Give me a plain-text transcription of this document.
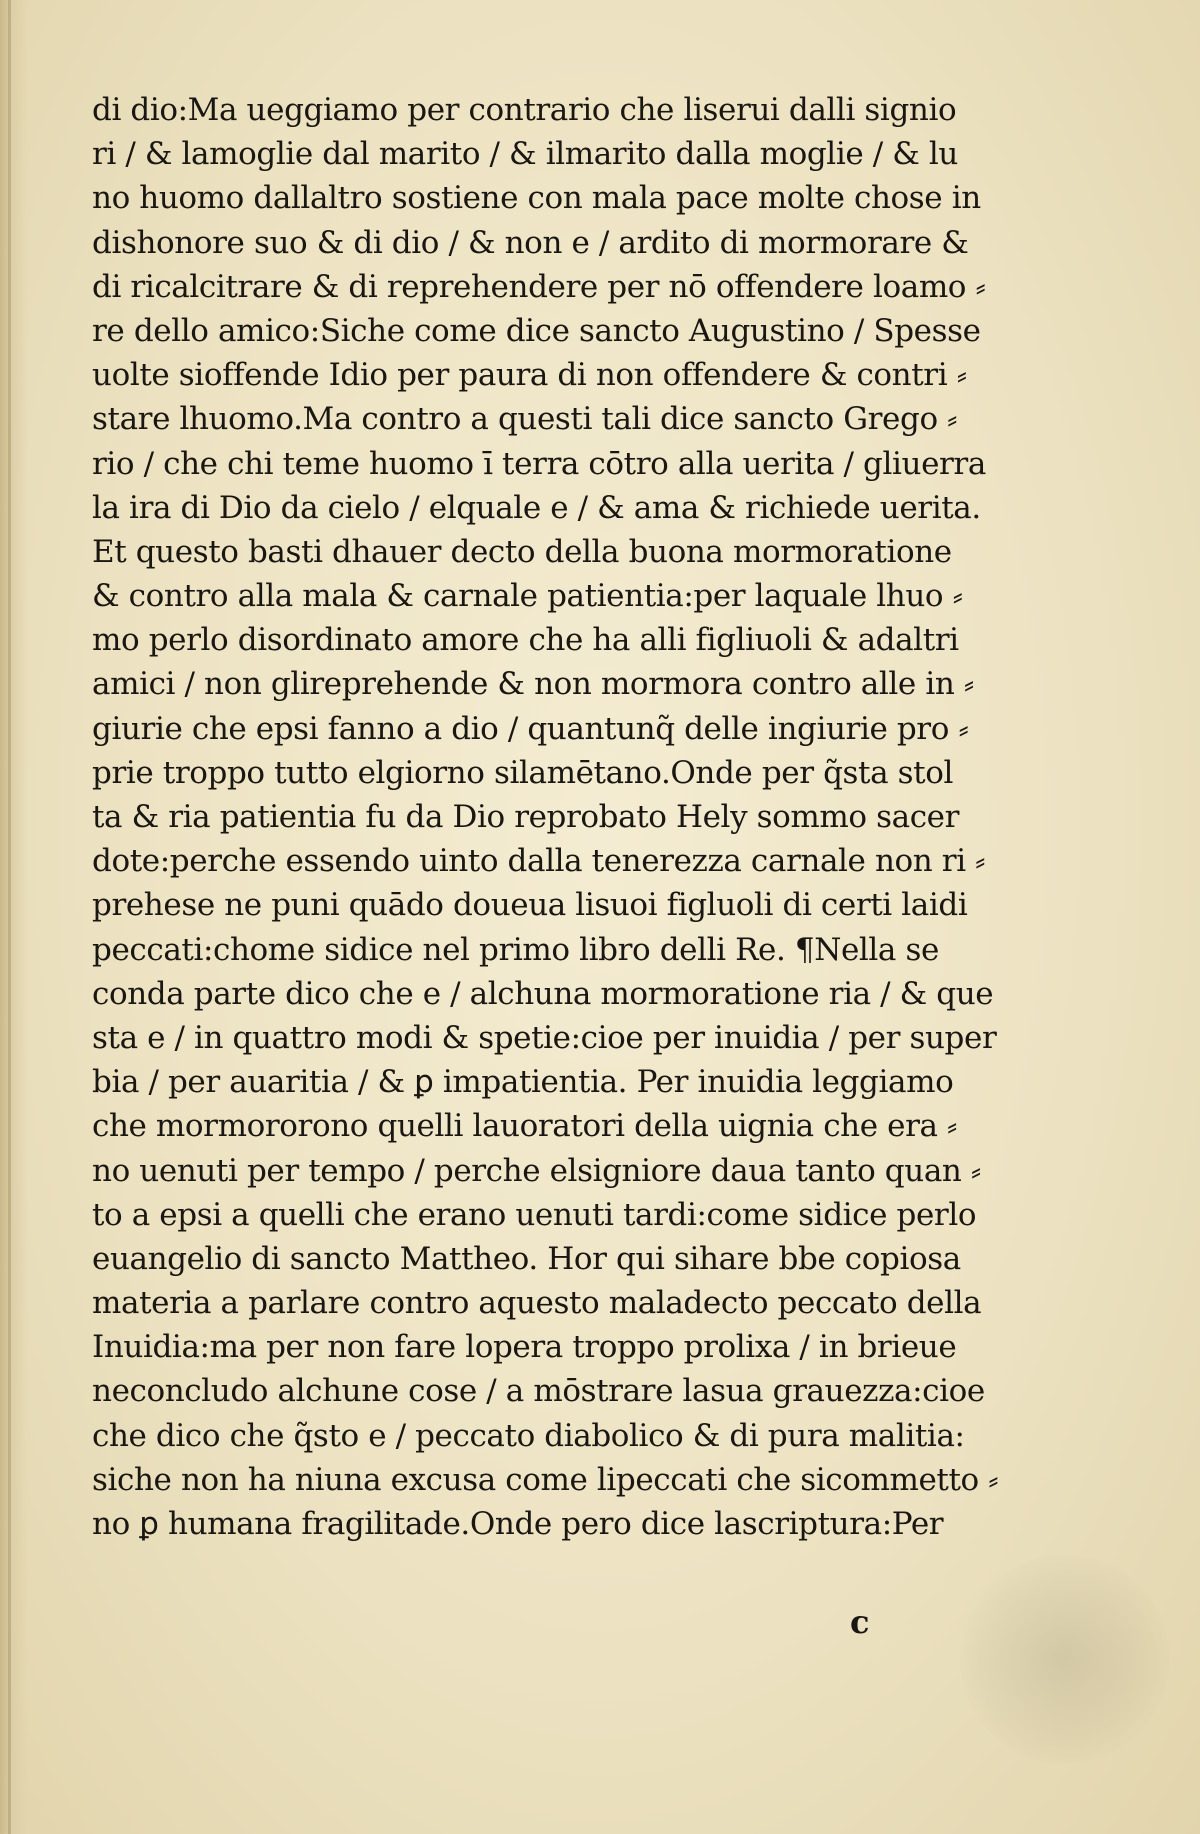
di dio:Ma ueggiamo per contrario che liserui dalli signio
ri / & lamoglie dal marito / & ilmarito dalla moglie / & lu
no huomo dallaltro sostiene con mala pace molte chose in
dishonore suo & di dio / & non e / ardito di mormorare &
di ricalcitrare & di reprehendere per nō offendere loamo ⸗
re dello amico:Siche come dice sancto Augustino / Spesse
uolte sioffende Idio per paura di non offendere & contri ⸗
stare lhuomo.Ma contro a questi tali dice sancto Grego ⸗
rio / che chi teme huomo ī terra cōtro alla uerita / gliuerra
la ira di Dio da cielo / elquale e / & ama & richiede uerita.
Et questo basti dhauer decto della buona mormoratione
& contro alla mala & carnale patientia:per laquale lhuo ⸗
mo perlo disordinato amore che ha alli figliuoli & adaltri
amici / non glireprehende & non mormora contro alle in ⸗
giurie che epsi fanno a dio / quantunq̃ delle ingiurie pro ⸗
prie troppo tutto elgiorno silamētano.Onde per q̃sta stol
ta & ria patientia fu da Dio reprobato Hely sommo sacer
dote:perche essendo uinto dalla tenerezza carnale non ri ⸗
prehese ne puni quādo doueua lisuoi figluoli di certi laidi
peccati:chome sidice nel primo libro delli Re. ¶Nella se
conda parte dico che e / alchuna mormoratione ria / & que
sta e / in quattro modi & spetie:cioe per inuidia / per super
bia / per auaritia / & ꝑ impatientia. Per inuidia leggiamo
che mormororono quelli lauoratori della uignia che era ⸗
no uenuti per tempo / perche elsigniore daua tanto quan ⸗
to a epsi a quelli che erano uenuti tardi:come sidice perlo
euangelio di sancto Mattheo. Hor qui sihare bbe copiosa
materia a parlare contro aquesto maladecto peccato della
Inuidia:ma per non fare lopera troppo prolixa / in brieue
neconcludo alchune cose / a mōstrare lasua grauezza:cioe
che dico che q̃sto e / peccato diabolico & di pura malitia:
siche non ha niuna excusa come lipeccati che sicommetto ⸗
no ꝑ humana fragilitade.Onde pero dice lascriptura:Per
c
